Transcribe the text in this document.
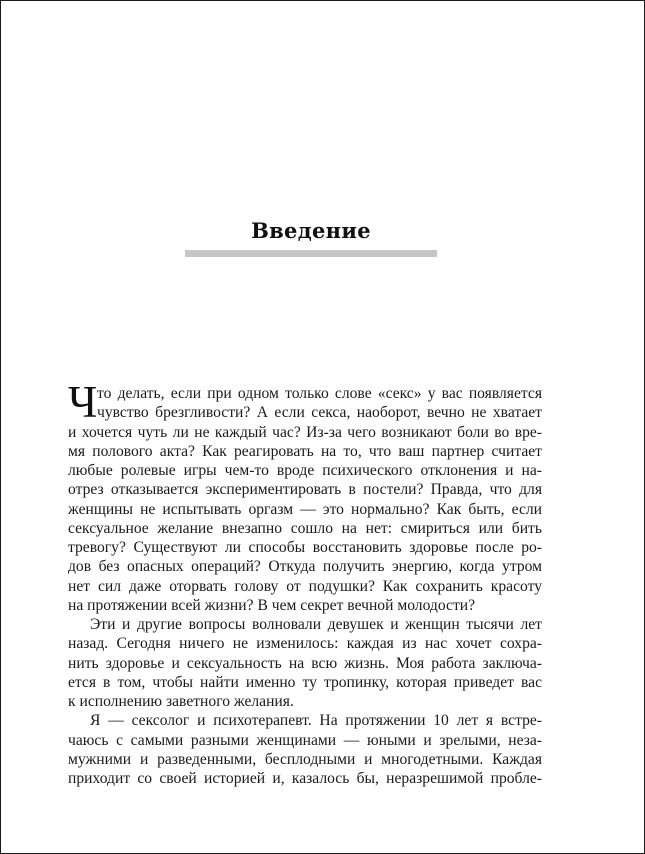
Введение
Ч то делать, если при одном только слове «секс» у вас появляется
чувство брезгливости? А если секса, наоборот, вечно не хватает
и хочется чуть ли не каждый час? Из-за чего возникают боли во вре-
мя полового акта? Как реагировать на то, что ваш партнер считает
любые ролевые игры чем-то вроде психического отклонения и на-
отрез отказывается экспериментировать в постели? Правда, что для
женщины не испытывать оргазм — это нормально? Как быть, если
сексуальное желание внезапно сошло на нет: смириться или бить
тревогу? Существуют ли способы восстановить здоровье после ро-
дов без опасных операций? Откуда получить энергию, когда утром
нет сил даже оторвать голову от подушки? Как сохранить красоту
на протяжении всей жизни? В чем секрет вечной молодости?
Эти и другие вопросы волновали девушек и женщин тысячи лет
назад. Сегодня ничего не изменилось: каждая из нас хочет сохра-
нить здоровье и сексуальность на всю жизнь. Моя работа заключа-
ется в том, чтобы найти именно ту тропинку, которая приведет вас
к исполнению заветного желания.
Я — сексолог и психотерапевт. На протяжении 10 лет я встре-
чаюсь с самыми разными женщинами — юными и зрелыми, неза-
мужними и разведенными, бесплодными и многодетными. Каждая
приходит со своей историей и, казалось бы, неразрешимой пробле-
